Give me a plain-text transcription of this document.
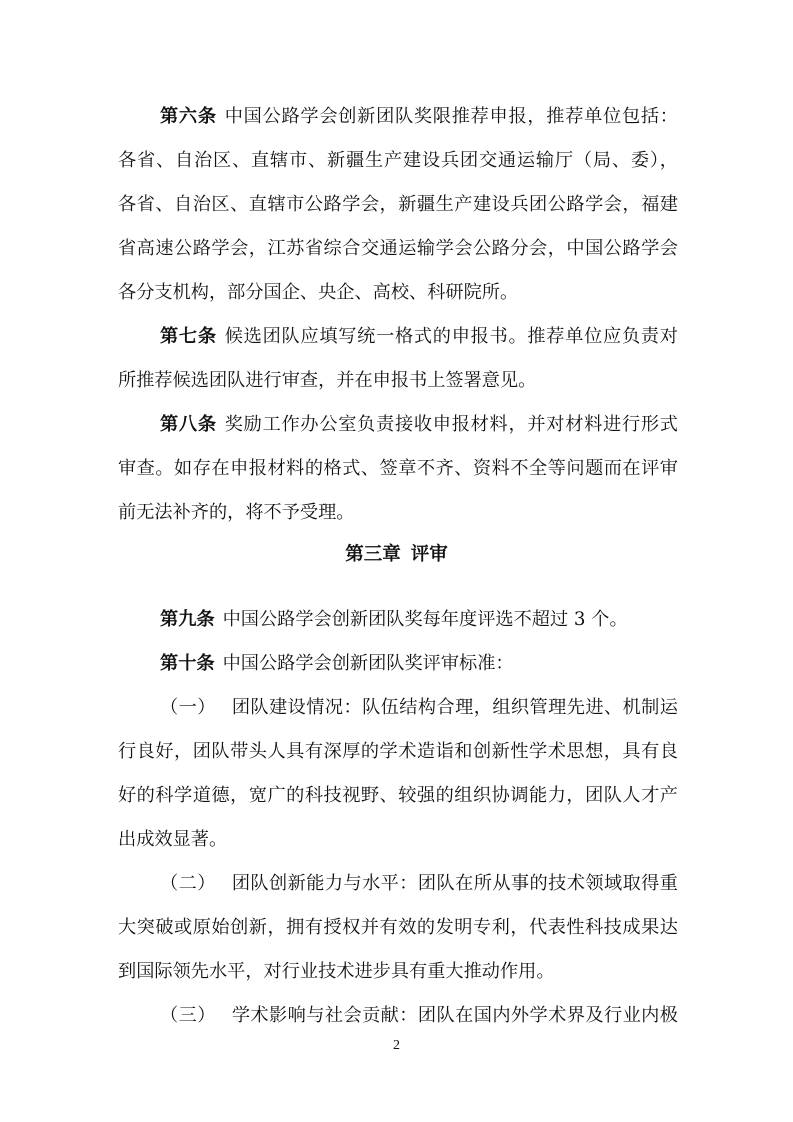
第六条 中国公路学会创新团队奖限推荐申报，推荐单位包括：
各省、自治区、直辖市、新疆生产建设兵团交通运输厅（局、委），
各省、自治区、直辖市公路学会，新疆生产建设兵团公路学会，福建
省高速公路学会，江苏省综合交通运输学会公路分会，中国公路学会
各分支机构，部分国企、央企、高校、科研院所。
第七条 候选团队应填写统一格式的申报书。推荐单位应负责对
所推荐候选团队进行审查，并在申报书上签署意见。
第八条 奖励工作办公室负责接收申报材料，并对材料进行形式
审查。如存在申报材料的格式、签章不齐、资料不全等问题而在评审
前无法补齐的，将不予受理。
第三章 评审
第九条 中国公路学会创新团队奖每年度评选不超过 3 个。
第十条 中国公路学会创新团队奖评审标准：
（一） 团队建设情况：队伍结构合理，组织管理先进、机制运
行良好，团队带头人具有深厚的学术造诣和创新性学术思想，具有良
好的科学道德，宽广的科技视野、较强的组织协调能力，团队人才产
出成效显著。
（二） 团队创新能力与水平：团队在所从事的技术领域取得重
大突破或原始创新，拥有授权并有效的发明专利，代表性科技成果达
到国际领先水平，对行业技术进步具有重大推动作用。
（三） 学术影响与社会贡献：团队在国内外学术界及行业内极
2
